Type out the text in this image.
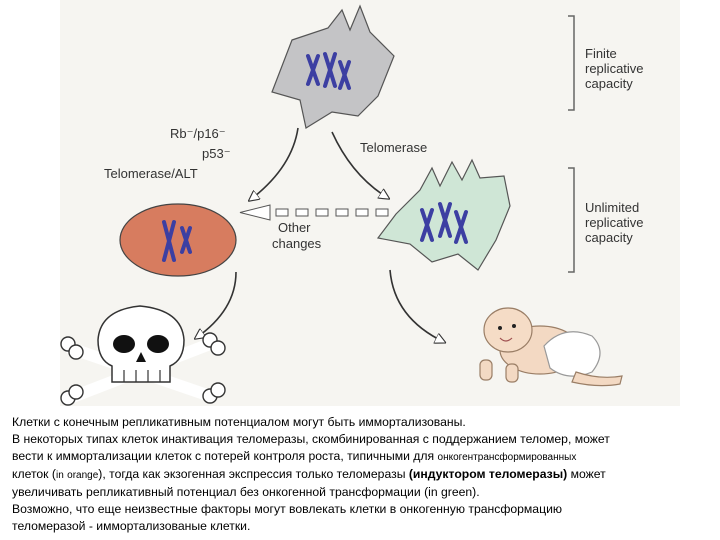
Finite
replicative
capacity
Unlimited
replicative
capacity
Rb⁻/p16⁻
p53⁻
Telomerase/ALT
Telomerase
Other
changes

Клетки с конечным репликативным потенциалом могут быть иммортализованы.

В некоторых типах клеток инактивация теломеразы, скомбинированная с поддержанием теломер, может

вести к иммортализации клеток с потерей контроля роста, типичными для онкогентрансформированных

клеток (in orange), тогда как экзогенная экспрессия только теломеразы (индуктором теломеразы) может

увеличивать репликативный потенциал без онкогенной трансформации (in green).

Возможно, что еще неизвестные факторы могут вовлекать клетки в онкогенную трансформацию

теломеразой - иммортализованые клетки.
